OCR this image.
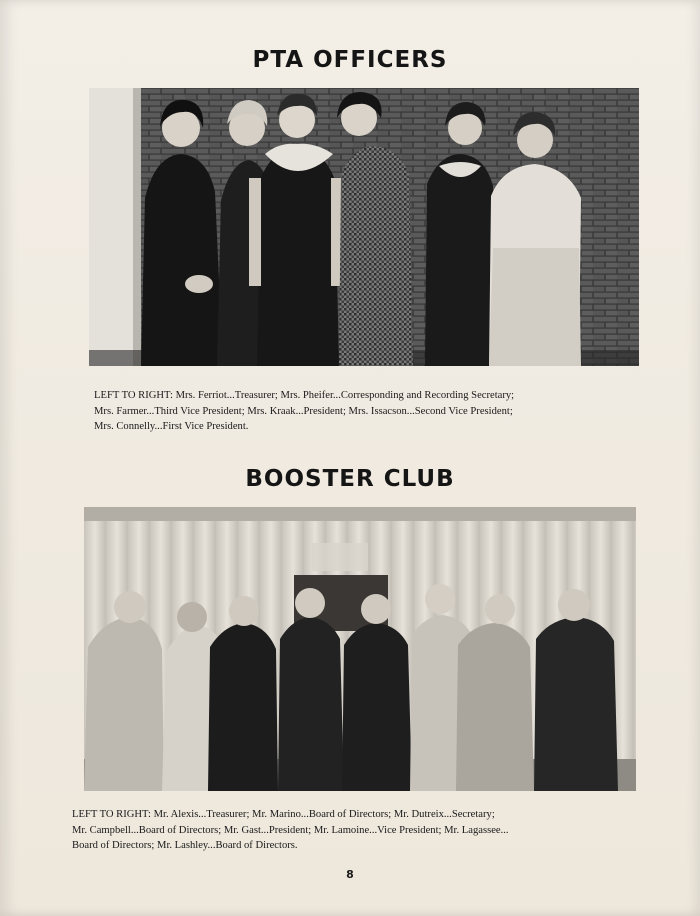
PTA OFFICERS
LEFT TO RIGHT: Mrs. Ferriot...Treasurer; Mrs. Pheifer...Corresponding and Recording Secretary;
Mrs. Farmer...Third Vice President; Mrs. Kraak...President; Mrs. Issacson...Second Vice President;
Mrs. Connelly...First Vice President.
BOOSTER CLUB
LEFT TO RIGHT: Mr. Alexis...Treasurer; Mr. Marino...Board of Directors; Mr. Dutreix...Secretary;
Mr. Campbell...Board of Directors; Mr. Gast...President; Mr. Lamoine...Vice President; Mr. Lagassee...
Board of Directors; Mr. Lashley...Board of Directors.
8
